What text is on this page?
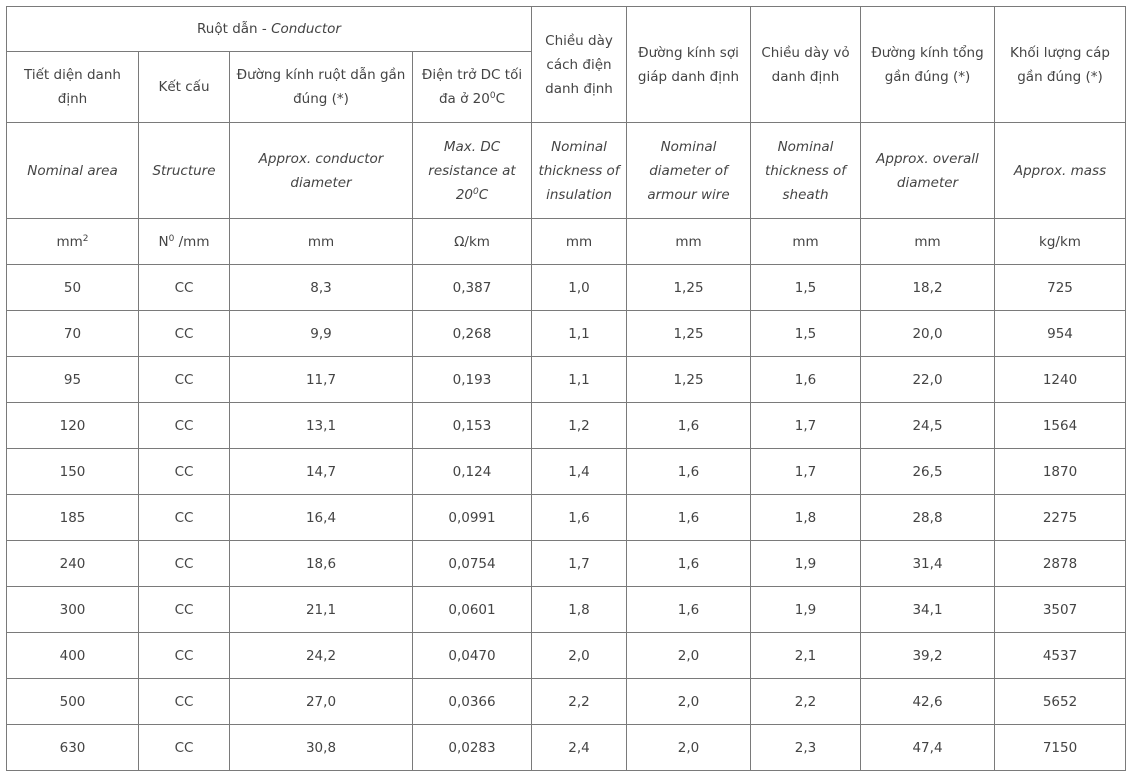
Ruột dẫn - Conductor				Chiều dày cách điện danh định	Đường kính sợi giáp danh định	Chiều dày vỏ danh định	Đường kính tổng gần đúng (*)	Khối lượng cáp gần đúng (*)
Tiết diện danh định	Kết cấu	Đường kính ruột dẫn gần đúng (*)	Điện trở DC tối đa ở $20^0C$					
Nominal area	Structure	Approx. conductor diameter	Max. DC resistance at $20^0C$	Nominal thickness of insulation	Nominal diameter of armour wire	Nominal thickness of sheath	Approx. overall diameter	Approx. mass
$mm^2$	$N^0$ /mm	mm	Ω/km	mm	mm	mm	mm	kg/km
50	CC	8,3	0,387	1,0	1,25	1,5	18,2	725
70	CC	9,9	0,268	1,1	1,25	1,5	20,0	954
95	CC	11,7	0,193	1,1	1,25	1,6	22,0	1240
120	CC	13,1	0,153	1,2	1,6	1,7	24,5	1564
150	CC	14,7	0,124	1,4	1,6	1,7	26,5	1870
185	CC	16,4	0,0991	1,6	1,6	1,8	28,8	2275
240	CC	18,6	0,0754	1,7	1,6	1,9	31,4	2878
300	CC	21,1	0,0601	1,8	1,6	1,9	34,1	3507
400	CC	24,2	0,0470	2,0	2,0	2,1	39,2	4537
500	CC	27,0	0,0366	2,2	2,0	2,2	42,6	5652
630	CC	30,8	0,0283	2,4	2,0	2,3	47,4	7150
